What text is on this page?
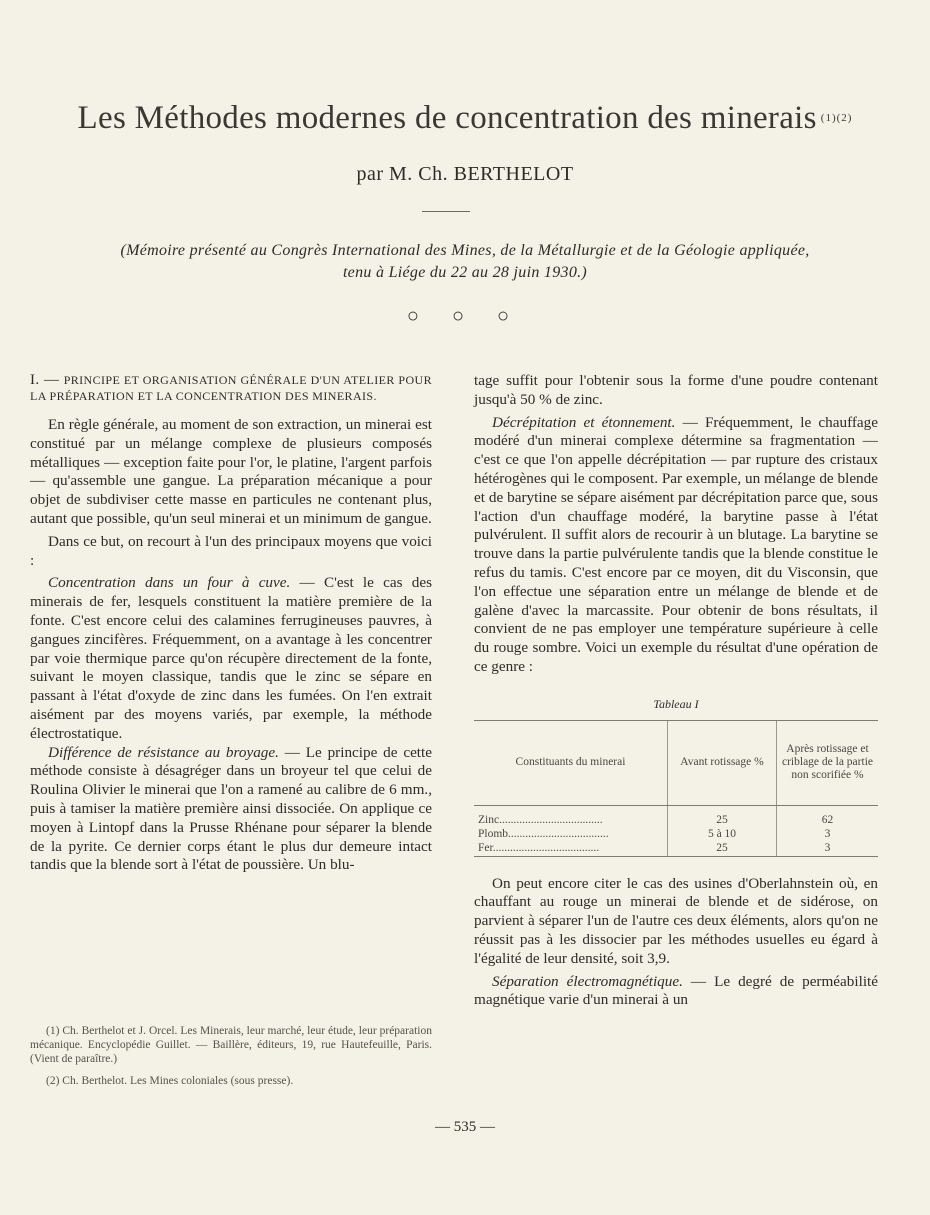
Les Méthodes modernes de concentration des minerais $^{(1)(2)}$
par M. Ch. BERTHELOT
(Mémoire présenté au Congrès International des Mines, de la Métallurgie et de la Géologie appliquée,
tenu à Liége du 22 au 28 juin 1930.)
○ ○ ○

I. — PRINCIPE ET ORGANISATION GÉNÉRALE D'UN ATELIER POUR LA PRÉPARATION ET LA CONCENTRATION DES MINERAIS.

En règle générale, au moment de son extraction, un minerai est constitué par un mélange complexe de plusieurs composés métalliques — exception faite pour l'or, le platine, l'argent parfois — qu'assemble une gangue. La préparation mécanique a pour objet de subdiviser cette masse en particules ne contenant plus, autant que possible, qu'un seul minerai et un minimum de gangue.

Dans ce but, on recourt à l'un des principaux moyens que voici :

Concentration dans un four à cuve. — C'est le cas des minerais de fer, lesquels constituent la matière première de la fonte. C'est encore celui des calamines ferrugineuses pauvres, à gangues zincifères. Fréquemment, on a avantage à les concentrer par voie thermique parce qu'on récupère directement de la fonte, suivant le moyen classique, tandis que le zinc se sépare en passant à l'état d'oxyde de zinc dans les fumées. On l'en extrait aisément par des moyens variés, par exemple, la méthode électrostatique.

Différence de résistance au broyage. — Le principe de cette méthode consiste à désagréger dans un broyeur tel que celui de Roulina Olivier le minerai que l'on a ramené au calibre de 6 mm., puis à tamiser la matière première ainsi dissociée. On applique ce moyen à Lintopf dans la Prusse Rhénane pour séparer la blende de la pyrite. Ce dernier corps étant le plus dur demeure intact tandis que la blende sort à l'état de poussière. Un blu-

(1) Ch. Berthelot et J. Orcel. Les Minerais, leur marché, leur étude, leur préparation mécanique. Encyclopédie Guillet. — Baillère, éditeurs, 19, rue Hautefeuille, Paris. (Vient de paraître.)

(2) Ch. Berthelot. Les Mines coloniales (sous presse).

tage suffit pour l'obtenir sous la forme d'une poudre contenant jusqu'à 50 % de zinc.

Décrépitation et étonnement. — Fréquemment, le chauffage modéré d'un minerai complexe détermine sa fragmentation — c'est ce que l'on appelle décrépitation — par rupture des cristaux hétérogènes qui le composent. Par exemple, un mélange de blende et de barytine se sépare aisément par décrépitation parce que, sous l'action d'un chauffage modéré, la barytine passe à l'état pulvérulent. Il suffit alors de recourir à un blutage. La barytine se trouve dans la partie pulvérulente tandis que la blende constitue le refus du tamis. C'est encore par ce moyen, dit du Visconsin, que l'on effectue une séparation entre un mélange de blende et de galène d'avec la marcassite. Pour obtenir de bons résultats, il convient de ne pas employer une température supérieure à celle du rouge sombre. Voici un exemple du résultat d'une opération de ce genre :

Tableau I

Constituants du minerai	Avant rotissage %	Après rotissage et criblage de la partie non scorifiée %
Zinc....................................	25	62
Plomb...................................	5 à 10	3
Fer.....................................	25	3

On peut encore citer le cas des usines d'Oberlahnstein où, en chauffant au rouge un minerai de blende et de sidérose, on parvient à séparer l'un de l'autre ces deux éléments, alors qu'on ne réussit pas à les dissocier par les méthodes usuelles eu égard à l'égalité de leur densité, soit 3,9.

Séparation électromagnétique. — Le degré de perméabilité magnétique varie d'un minerai à un

— 535 —
